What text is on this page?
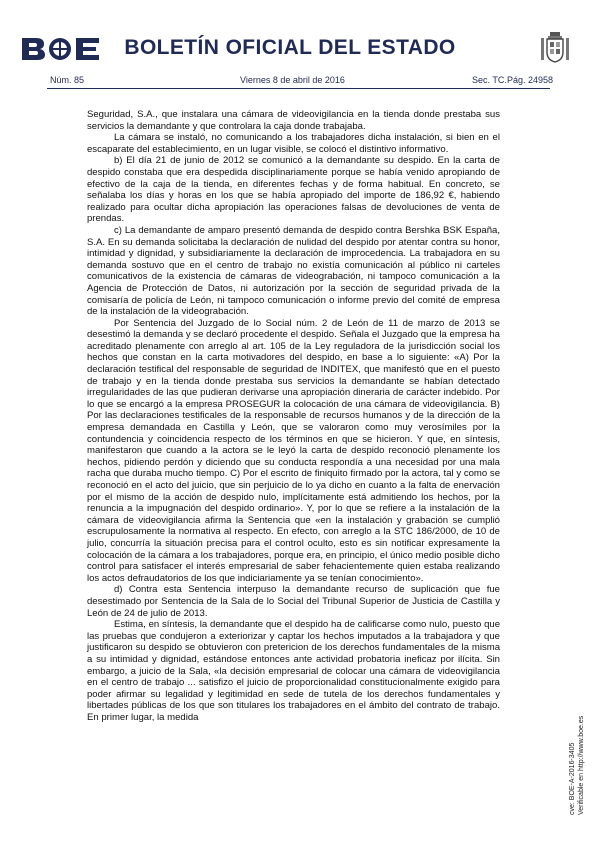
BOLETÍN OFICIAL DEL ESTADO
Núm. 85	Viernes 8 de abril de 2016	Sec. TC. Pág. 24958

Seguridad, S.A., que instalara una cámara de videovigilancia en la tienda donde prestaba sus servicios la demandante y que controlara la caja donde trabajaba.

La cámara se instaló, no comunicando a los trabajadores dicha instalación, si bien en el escaparate del establecimiento, en un lugar visible, se colocó el distintivo informativo.

b) El día 21 de junio de 2012 se comunicó a la demandante su despido. En la carta de despido constaba que era despedida disciplinariamente porque se había venido apropiando de efectivo de la caja de la tienda, en diferentes fechas y de forma habitual. En concreto, se señalaba los días y horas en los que se había apropiado del importe de 186,92 €, habiendo realizado para ocultar dicha apropiación las operaciones falsas de devoluciones de venta de prendas.

c) La demandante de amparo presentó demanda de despido contra Bershka BSK España, S.A. En su demanda solicitaba la declaración de nulidad del despido por atentar contra su honor, intimidad y dignidad, y subsidiariamente la declaración de improcedencia. La trabajadora en su demanda sostuvo que en el centro de trabajo no existía comunicación al público ni carteles comunicativos de la existencia de cámaras de videograbación, ni tampoco comunicación a la Agencia de Protección de Datos, ni autorización por la sección de seguridad privada de la comisaría de policía de León, ni tampoco comunicación o informe previo del comité de empresa de la instalación de la videograbación.

Por Sentencia del Juzgado de lo Social núm. 2 de León de 11 de marzo de 2013 se desestimó la demanda y se declaró procedente el despido. Señala el Juzgado que la empresa ha acreditado plenamente con arreglo al art. 105 de la Ley reguladora de la jurisdicción social los hechos que constan en la carta motivadores del despido, en base a lo siguiente: «A) Por la declaración testifical del responsable de seguridad de INDITEX, que manifestó que en el puesto de trabajo y en la tienda donde prestaba sus servicios la demandante se habían detectado irregularidades de las que pudieran derivarse una apropiación dineraria de carácter indebido. Por lo que se encargó a la empresa PROSEGUR la colocación de una cámara de videovigilancia. B) Por las declaraciones testificales de la responsable de recursos humanos y de la dirección de la empresa demandada en Castilla y León, que se valoraron como muy verosímiles por la contundencia y coincidencia respecto de los términos en que se hicieron. Y que, en síntesis, manifestaron que cuando a la actora se le leyó la carta de despido reconoció plenamente los hechos, pidiendo perdón y diciendo que su conducta respondía a una necesidad por una mala racha que duraba mucho tiempo. C) Por el escrito de finiquito firmado por la actora, tal y como se reconoció en el acto del juicio, que sin perjuicio de lo ya dicho en cuanto a la falta de enervación por el mismo de la acción de despido nulo, implícitamente está admitiendo los hechos, por la renuncia a la impugnación del despido ordinario». Y, por lo que se refiere a la instalación de la cámara de videovigilancia afirma la Sentencia que «en la instalación y grabación se cumplió escrupulosamente la normativa al respecto. En efecto, con arreglo a la STC 186/2000, de 10 de julio, concurría la situación precisa para el control oculto, esto es sin notificar expresamente la colocación de la cámara a los trabajadores, porque era, en principio, el único medio posible dicho control para satisfacer el interés empresarial de saber fehacientemente quien estaba realizando los actos defraudatorios de los que indiciariamente ya se tenían conocimiento».

d) Contra esta Sentencia interpuso la demandante recurso de suplicación que fue desestimado por Sentencia de la Sala de lo Social del Tribunal Superior de Justicia de Castilla y León de 24 de julio de 2013.

Estima, en síntesis, la demandante que el despido ha de calificarse como nulo, puesto que las pruebas que condujeron a exteriorizar y captar los hechos imputados a la trabajadora y que justificaron su despido se obtuvieron con pretericion de los derechos fundamentales de la misma a su intimidad y dignidad, estándose entonces ante actividad probatoria ineficaz por ilícita. Sin embargo, a juicio de la Sala, «la decisión empresarial de colocar una cámara de videovigilancia en el centro de trabajo ... satisfizo el juicio de proporcionalidad constitucionalmente exigido para poder afirmar su legalidad y legitimidad en sede de tutela de los derechos fundamentales y libertades públicas de los que son titulares los trabajadores en el ámbito del contrato de trabajo. En primer lugar, la medida

cve: BOE-A-2016-3405 Verificable en http://www.boe.es
